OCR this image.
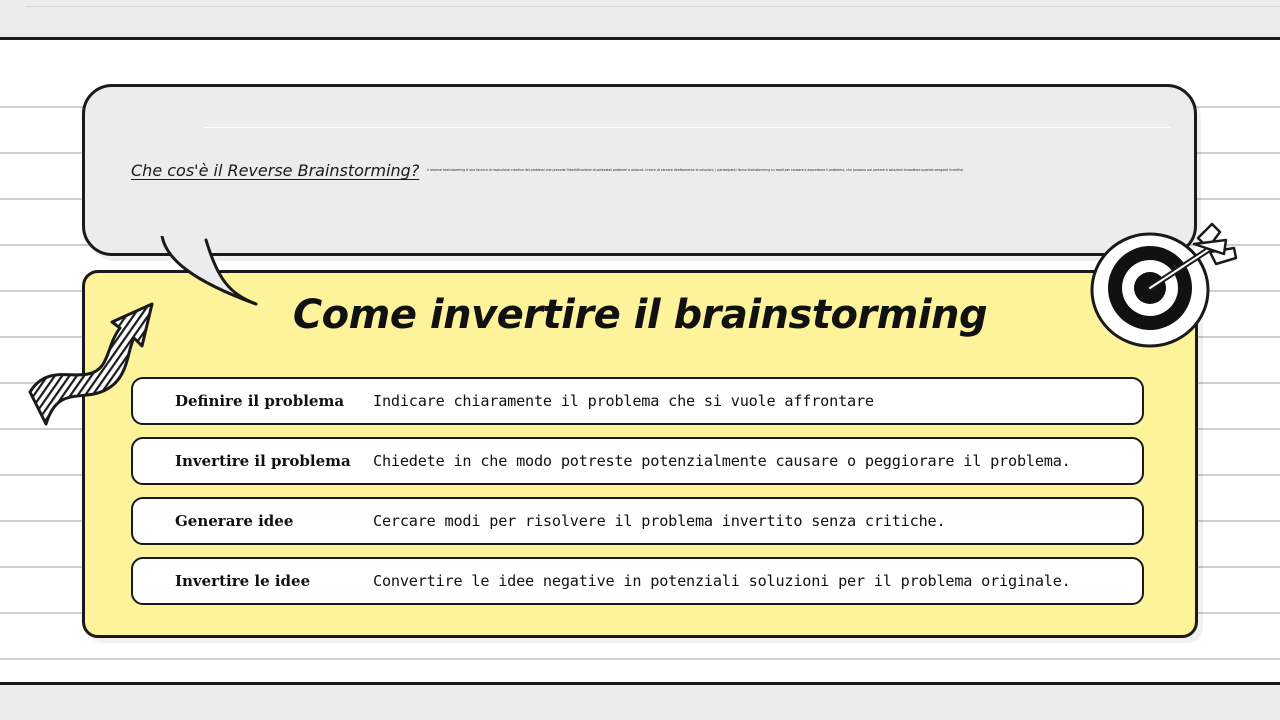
Che cos'è il Reverse Brainstorming? Il reverse brainstorming è una tecnica di risoluzione creativa dei problemi che prevede l'identificazione di potenziali problemi o ostacoli. Invece di cercare direttamente le soluzioni, i partecipanti fanno brainstorming su modi per causare o esacerbare il problema, che possono poi portare a soluzioni innovative quando vengono invertite.
Come invertire il brainstorming
Definire il problema	Indicare chiaramente il problema che si vuole affrontare
Invertire il problema	Chiedete in che modo potreste potenzialmente causare o peggiorare il problema.
Generare idee	Cercare modi per risolvere il problema invertito senza critiche.
Invertire le idee	Convertire le idee negative in potenziali soluzioni per il problema originale.
